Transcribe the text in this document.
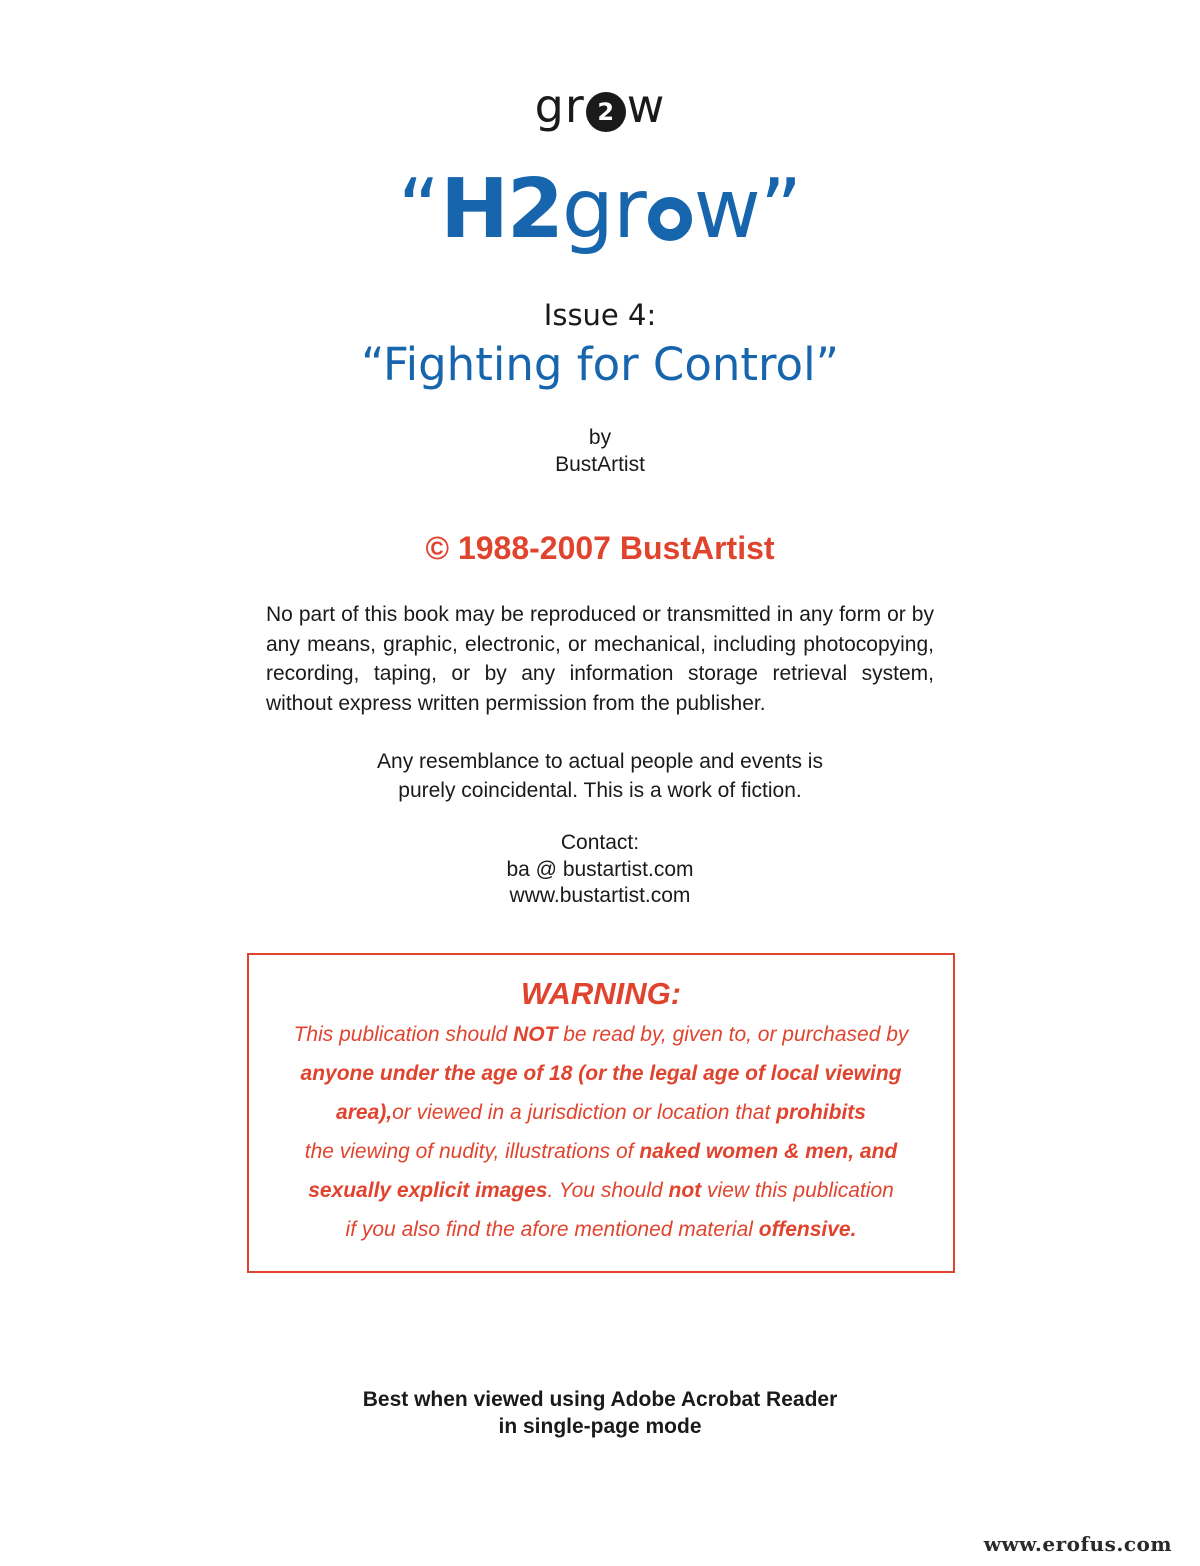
gr 2 w
“H2gr w”
Issue 4:
“Fighting for Control”
by
BustArtist
© 1988-2007 BustArtist
No part of this book may be reproduced or transmitted in any form or by any means, graphic, electronic, or mechanical, including photocopying, recording, taping, or by any information storage retrieval system, without express written permission from the publisher.
Any resemblance to actual people and events is
purely coincidental. This is a work of fiction.
Contact:
ba @ bustartist.com
www.bustartist.com
WARNING:
This publication should NOT be read by, given to, or purchased by
anyone under the age of 18 (or the legal age of local viewing
area),or viewed in a jurisdiction or location that prohibits
the viewing of nudity, illustrations of naked women & men, and
sexually explicit images. You should not view this publication
if you also find the afore mentioned material offensive.
Best when viewed using Adobe Acrobat Reader
in single-page mode
www.erofus.com
